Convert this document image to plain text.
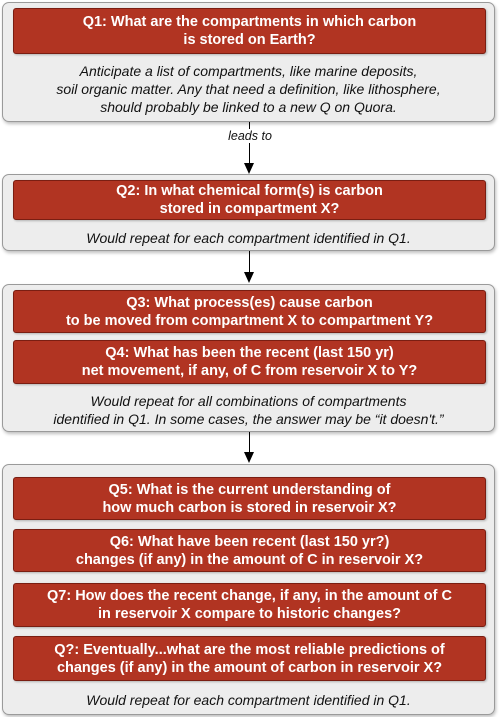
Q1: What are the compartments in which carbon
is stored on Earth?
Anticipate a list of compartments, like marine deposits,
soil organic matter. Any that need a definition, like lithosphere,
should probably be linked to a new Q on Quora.
leads to
Q2: In what chemical form(s) is carbon
stored in compartment X?
Would repeat for each compartment identified in Q1.
Q3: What process(es) cause carbon
to be moved from compartment X to compartment Y?
Q4: What has been the recent (last 150 yr)
net movement, if any, of C from reservoir X to Y?
Would repeat for all combinations of compartments
identified in Q1. In some cases, the answer may be “it doesn't.”
Q5: What is the current understanding of
how much carbon is stored in reservoir X?
Q6: What have been recent (last 150 yr?)
changes (if any) in the amount of C in reservoir X?
Q7: How does the recent change, if any, in the amount of C
in reservoir X compare to historic changes?
Q?: Eventually...what are the most reliable predictions of
changes (if any) in the amount of carbon in reservoir X?
Would repeat for each compartment identified in Q1.
